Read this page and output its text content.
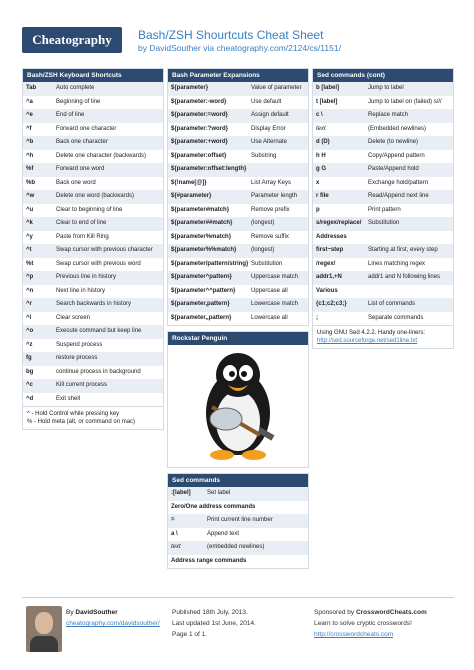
Cheatography	Bash/ZSH Shourtcuts Cheat Sheet
by DavidSouther via cheatography.com/2124/cs/1151/
Bash/ZSH Keyboard Shortcuts
Tab	Auto complete
^a	Beginning of line
^e	End of line
^f	Forward one character
^b	Back one character
^h	Delete one character (backwards)
%f	Forward one word
%b	Back one word
^w	Delete one word (backwards)
^u	Clear to beginning of line
^k	Clear to end of line
^y	Paste from Kill Ring
^t	Swap cursor with previous character
%t	Swap cursor with previous word
^p	Previous line in history
^n	Next line in history
^r	Search backwards in history
^l	Clear screen
^o	Execute command but keep line
^z	Suspend process
fg	restore process
bg	continue process in background
^c	Kill current process
^d	Exit shell
^ - Hold Control while pressing key
% - Hold meta (alt, or command on mac)
Bash Parameter Expansions
${parameter}	Value of parameter
${parameter:-word}	Use default
${parameter:=word}	Assign default
${parameter:?word}	Display Error
${parameter:+word}	Use Alternate
${parameter:offset}	Substring
${parameter:offset:length}	
${!name[@]}	List Array Keys
${#parameter}	Parameter length
${parameter#match}	Remove prefix
${parameter##match}	(longest)
${parameter%match}	Remove suffix
${parameter%%match}	(longest)
${parameter/pattern/string}	Substitution
${parameter^pattern}	Uppercase match
${parameter^^pattern}	Uppercase all
${parameter,pattern}	Lowercase match
${parameter,,pattern}	Lowercase all
Rockstar Penguin
Sed commands
:[label]	Set label
Zero/One address commands	
=	Print current line number
a \	Append text
text	(embedded newlines)
Address range commands	
Sed commands (cont)
b [label]	Jump to label
t [label]	Jump to label on (failed) s///
c \	Replace match
text	(Embedded newlines)
d (D)	Delete (to newline)
h H	Copy/Append pattern
g G	Paste/Append hold
x	Exchange hold/pattern
r file	Read/Append next line
p	Print pattern
s/regex/replace/	Substitution
Addresses	
first~step	Starting at first, every step
/regex/	Lines matching regex
addr1,+N	addr1 and N following lines
Various	
{c1;c2;c3;}	List of commands
;	Separate commands
Using GNU Sed 4.2.2. Handy one-liners:
http://sed.sourceforge.net/sed1line.txt
By DavidSouther
cheatography.com/davidsouther/
Published 18th July, 2013.
Last updated 1st June, 2014.
Page 1 of 1.
Sponsored by CrosswordCheats.com
Learn to solve cryptic crosswords!
http://crosswordcheats.com
